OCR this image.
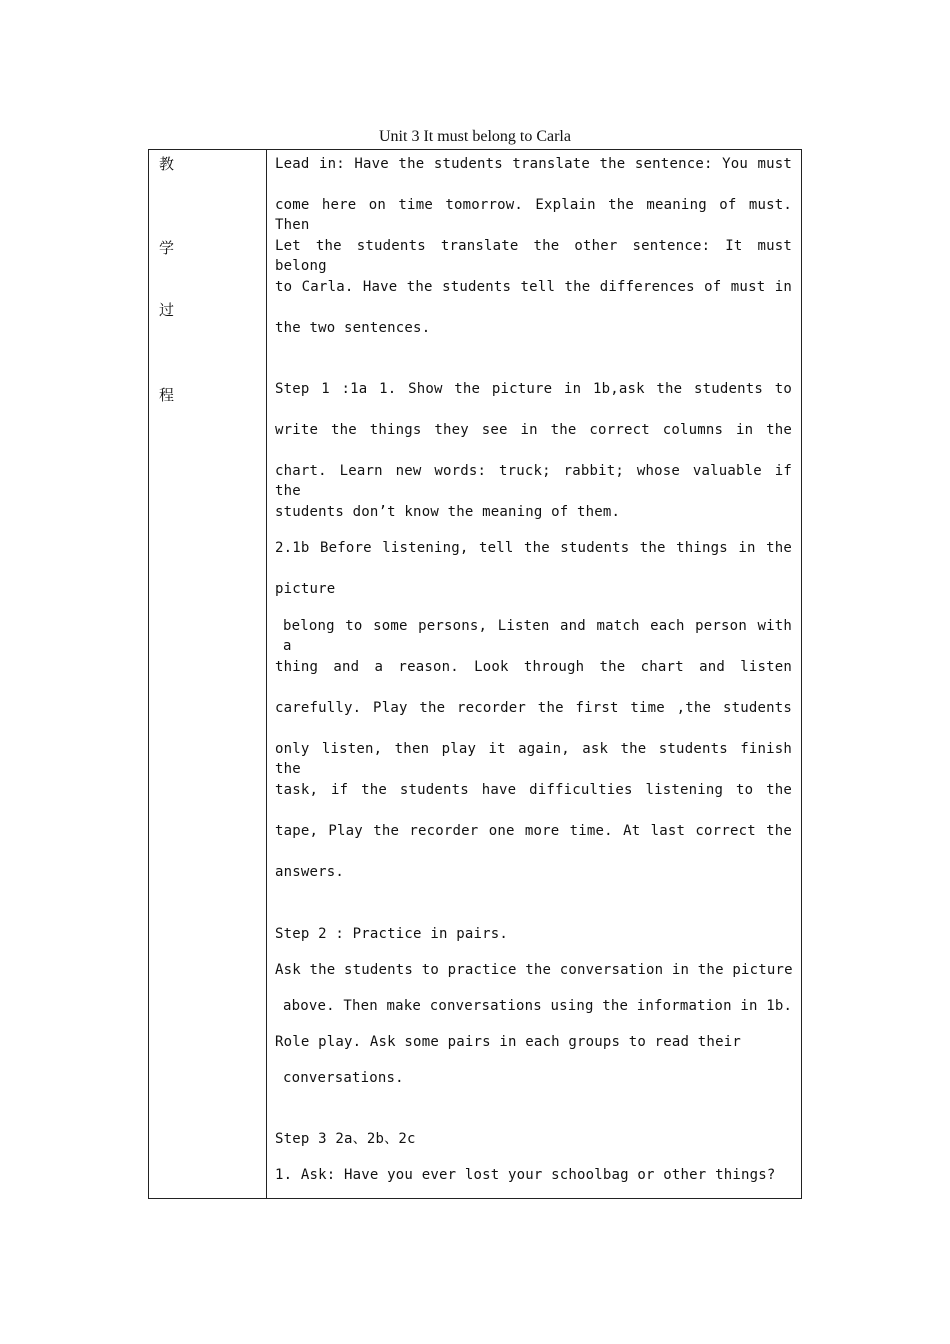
Unit 3 It must belong to Carla
教
学
过
程
Lead in: Have the students translate the sentence: You must
come here on time tomorrow. Explain the meaning of must. Then
Let the students translate the other sentence: It must belong
to Carla. Have the students tell the differences of must in
the two sentences.
Step 1 :1a 1. Show the picture in 1b,ask the students to
write the things they see in the correct columns in the
chart. Learn new words: truck; rabbit; whose valuable if the
students don’t know the meaning of them.
2.1b Before listening, tell the students the things in the
picture
belong to some persons, Listen and match each person with a
thing and a reason. Look through the chart and listen
carefully. Play the recorder the first time ,the students
only listen, then play it again, ask the students finish the
task, if the students have difficulties listening to the
tape, Play the recorder one more time. At last correct the
answers.
Step 2 : Practice in pairs.
Ask the students to practice the conversation in the picture
above. Then make conversations using the information in 1b.
Role play. Ask some pairs in each groups to read their
conversations.
Step 3 2a、2b、2c
1. Ask: Have you ever lost your schoolbag or other things?
